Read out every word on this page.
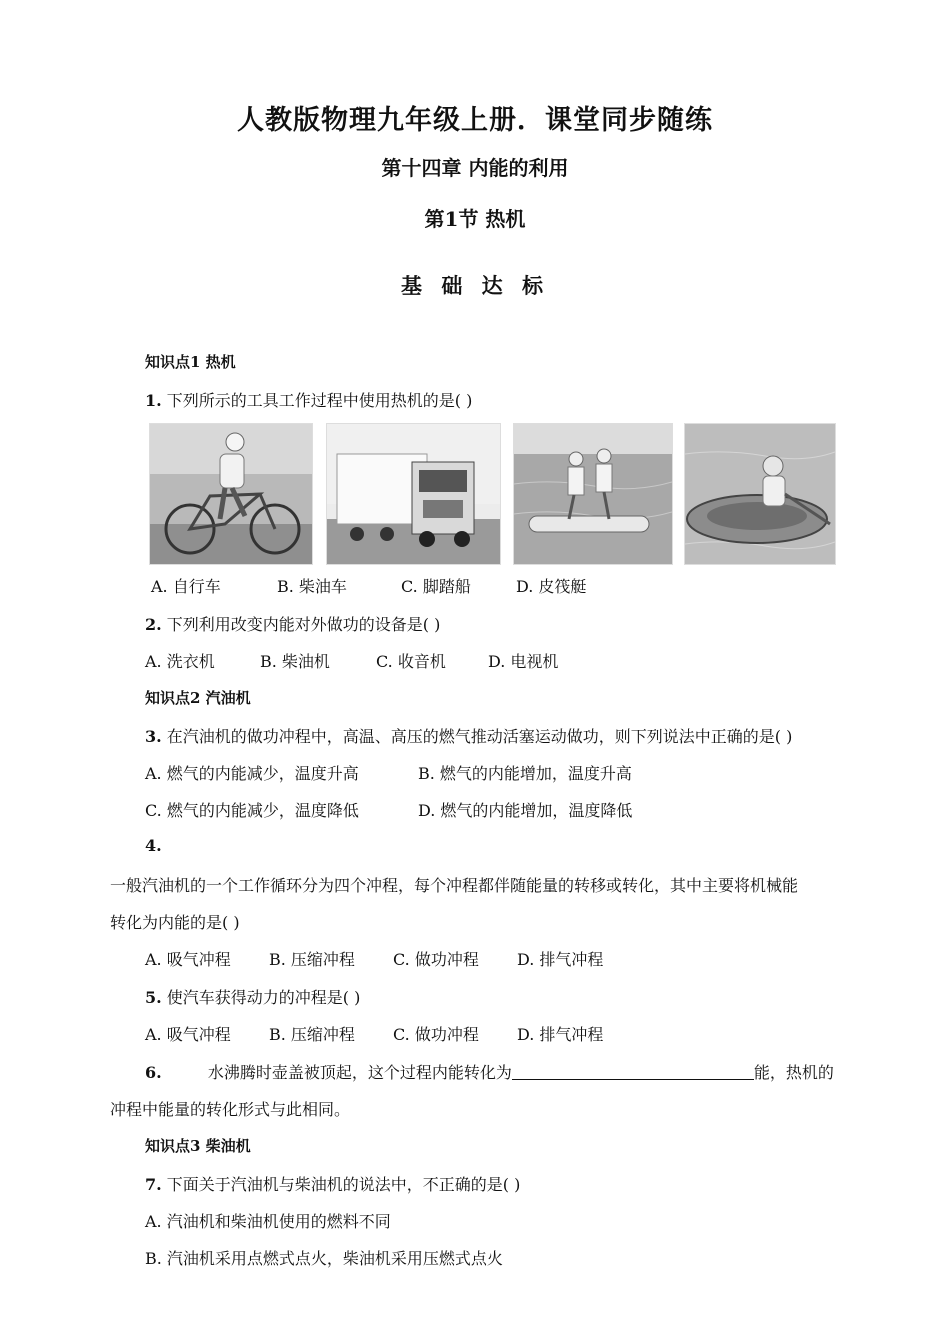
人教版物理九年级上册．课堂同步随练
第十四章 内能的利用
第1节 热机
基 础 达 标
知识点1 热机
1. 下列所示的工具工作过程中使用热机的是( )
A. 自行车	B. 柴油车	C. 脚踏船	D. 皮筏艇
2. 下列利用改变内能对外做功的设备是( )
A. 洗衣机	B. 柴油机	C. 收音机	D. 电视机
知识点2 汽油机
3. 在汽油机的做功冲程中，高温、高压的燃气推动活塞运动做功，则下列说法中正确的是( )
A. 燃气的内能减少，温度升高	B. 燃气的内能增加，温度升高
C. 燃气的内能减少，温度降低	D. 燃气的内能增加，温度降低
4.
一般汽油机的一个工作循环分为四个冲程，每个冲程都伴随能量的转移或转化，其中主要将机械能
转化为内能的是( )
A. 吸气冲程 B. 压缩冲程 C. 做功冲程 D. 排气冲程
5. 使汽车获得动力的冲程是( )
A. 吸气冲程 B. 压缩冲程 C. 做功冲程 D. 排气冲程
6.	水沸腾时壶盖被顶起，这个过程内能转化为	能，热机的
冲程中能量的转化形式与此相同。
知识点3 柴油机
7. 下面关于汽油机与柴油机的说法中，不正确的是( )
A. 汽油机和柴油机使用的燃料不同
B. 汽油机采用点燃式点火，柴油机采用压燃式点火
